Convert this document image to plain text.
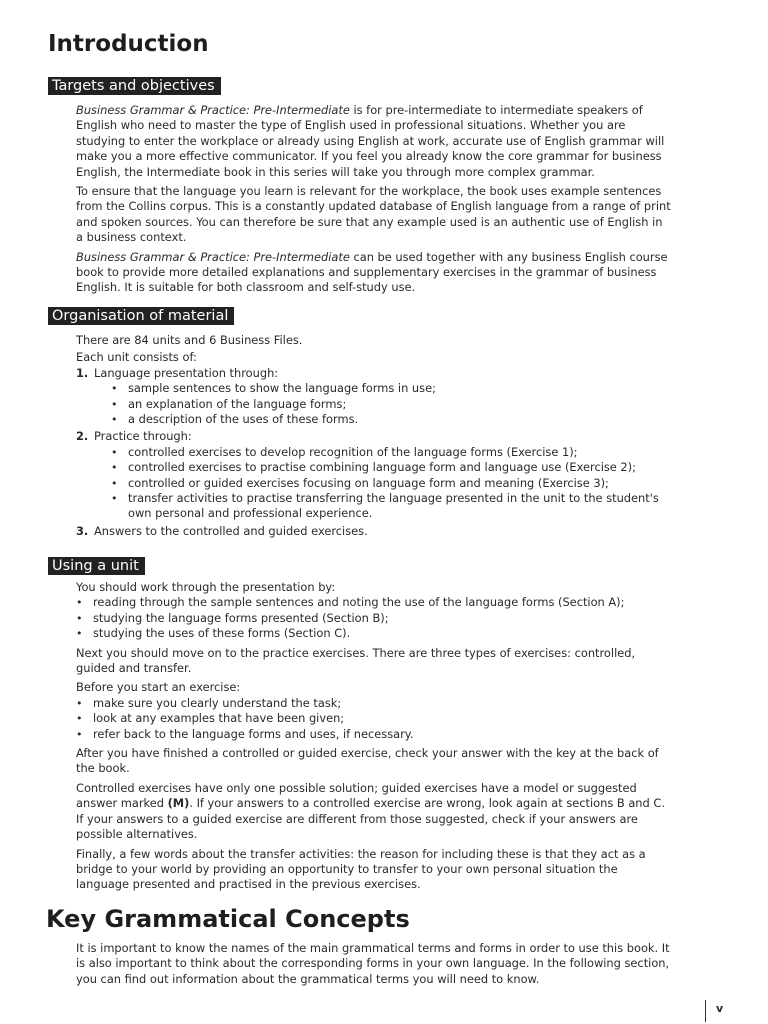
Introduction
Targets and objectives

Business Grammar & Practice: Pre-Intermediate is for pre-intermediate to intermediate speakers of English who need to master the type of English used in professional situations. Whether you are studying to enter the workplace or already using English at work, accurate use of English grammar will make you a more effective communicator. If you feel you already know the core grammar for business English, the Intermediate book in this series will take you through more complex grammar.

To ensure that the language you learn is relevant for the workplace, the book uses example sentences from the Collins corpus. This is a constantly updated database of English language from a range of print and spoken sources. You can therefore be sure that any example used is an authentic use of English in a business context.

Business Grammar & Practice: Pre-Intermediate can be used together with any business English course book to provide more detailed explanations and supplementary exercises in the grammar of business English. It is suitable for both classroom and self-study use.

Organisation of material

There are 84 units and 6 Business Files.

Each unit consists of:

1. Language presentation through:
• sample sentences to show the language forms in use;
• an explanation of the language forms;
• a description of the uses of these forms.
2. Practice through:
• controlled exercises to develop recognition of the language forms (Exercise 1);
• controlled exercises to practise combining language form and language use (Exercise 2);
• controlled or guided exercises focusing on language form and meaning (Exercise 3);
• transfer activities to practise transferring the language presented in the unit to the student's own personal and professional experience.
3. Answers to the controlled and guided exercises.
Using a unit

You should work through the presentation by:

• reading through the sample sentences and noting the use of the language forms (Section A);
• studying the language forms presented (Section B);
• studying the uses of these forms (Section C).

Next you should move on to the practice exercises. There are three types of exercises: controlled, guided and transfer.

Before you start an exercise:

• make sure you clearly understand the task;
• look at any examples that have been given;
• refer back to the language forms and uses, if necessary.

After you have finished a controlled or guided exercise, check your answer with the key at the back of the book.

Controlled exercises have only one possible solution; guided exercises have a model or suggested answer marked (M). If your answers to a controlled exercise are wrong, look again at sections B and C. If your answers to a guided exercise are different from those suggested, check if your answers are possible alternatives.

Finally, a few words about the transfer activities: the reason for including these is that they act as a bridge to your world by providing an opportunity to transfer to your own personal situation the language presented and practised in the previous exercises.

Key Grammatical Concepts

It is important to know the names of the main grammatical terms and forms in order to use this book. It is also important to think about the corresponding forms in your own language. In the following section, you can find out information about the grammatical terms you will need to know.

v
